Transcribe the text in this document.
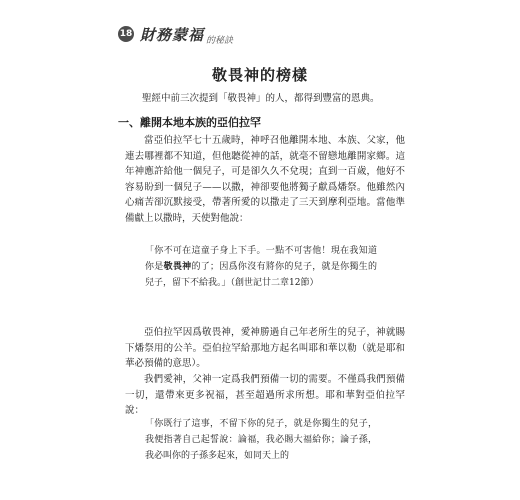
18 財務蒙福 的秘訣
敬畏神的榜樣

聖經中前三次提到「敬畏神」的人，都得到豐富的恩典。

一、離開本地本族的亞伯拉罕

當亞伯拉罕七十五歲時，神呼召他離開本地、本族、父家，他連去哪裡都不知道，但他聽從神的話，就毫不留戀地離開家鄉。這年神應許給他一個兒子，可是卻久久不兌現；直到一百歲，他好不容易盼到一個兒子——以撒，神卻要他將獨子獻爲燔祭。他雖然內心痛苦卻沉默接受，帶著所愛的以撒走了三天到摩利亞地。當他準備獻上以撒時，天使對他說：

「你不可在這童子身上下手。一點不可害他！現在我知道你是敬畏神的了；因爲你沒有將你的兒子，就是你獨生的兒子，留下不給我。」（創世記廿二章12節）

亞伯拉罕因爲敬畏神，愛神勝過自己年老所生的兒子，神就賜下燔祭用的公羊。亞伯拉罕給那地方起名叫耶和華以勒（就是耶和華必預備的意思）。

我們愛神，父神一定爲我們預備一切的需要。不僅爲我們預備一切，還帶來更多祝福，甚至超過所求所想。耶和華對亞伯拉罕說：

「你既行了這事，不留下你的兒子，就是你獨生的兒子，我便指著自己起誓說：論福，我必賜大福給你；論子孫，我必叫你的子孫多起來，如同天上的
